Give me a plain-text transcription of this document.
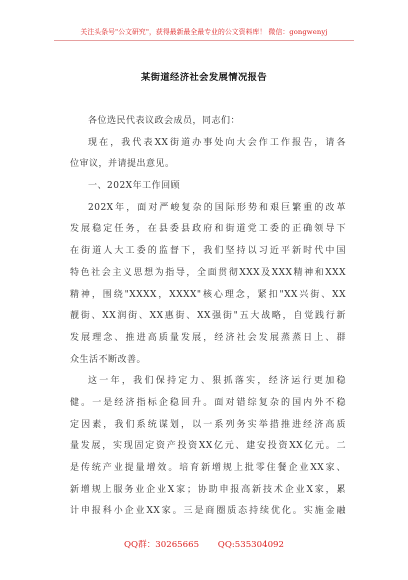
关注头条号"公文研究"，获得最新最全最专业的公文资料库！ 微信：gongwenyj
某街道经济社会发展情况报告
各位选民代表议政会成员，同志们：
现在，我代表XX街道办事处向大会作工作报告，请各
位审议，并请提出意见。
一、202X年工作回顾
202X年，面对严峻复杂的国际形势和艰巨繁重的改革
发展稳定任务，在县委县政府和街道党工委的正确领导下
在街道人大工委的监督下，我们坚持以习近平新时代中国
特色社会主义思想为指导，全面贯彻XXX及XXX精神和XXX
精神，围绕"XXXX，XXXX"核心理念，紧扣"XX兴街、XX
靓街、XX润街、XX惠街、XX强街"五大战略，自觉践行新
发展理念、推进高质量发展，经济社会发展蒸蒸日上、群
众生活不断改善。
这一年，我们保持定力、狠抓落实，经济运行更加稳
健。一是经济指标企稳回升。面对错综复杂的国内外不稳
定因素，我们系统谋划，以一系列务实举措推进经济高质
量发展，实现固定资产投资XX亿元、建安投资XX亿元。二
是传统产业提量增效。培育新增规上批零住餐企业XX家、
新增规上服务业企业X家；协助申报高新技术企业X家，累
计申报科小企业XX家。三是商圈质态持续优化。实施金融
QQ群：30265665 QQ:535304092
